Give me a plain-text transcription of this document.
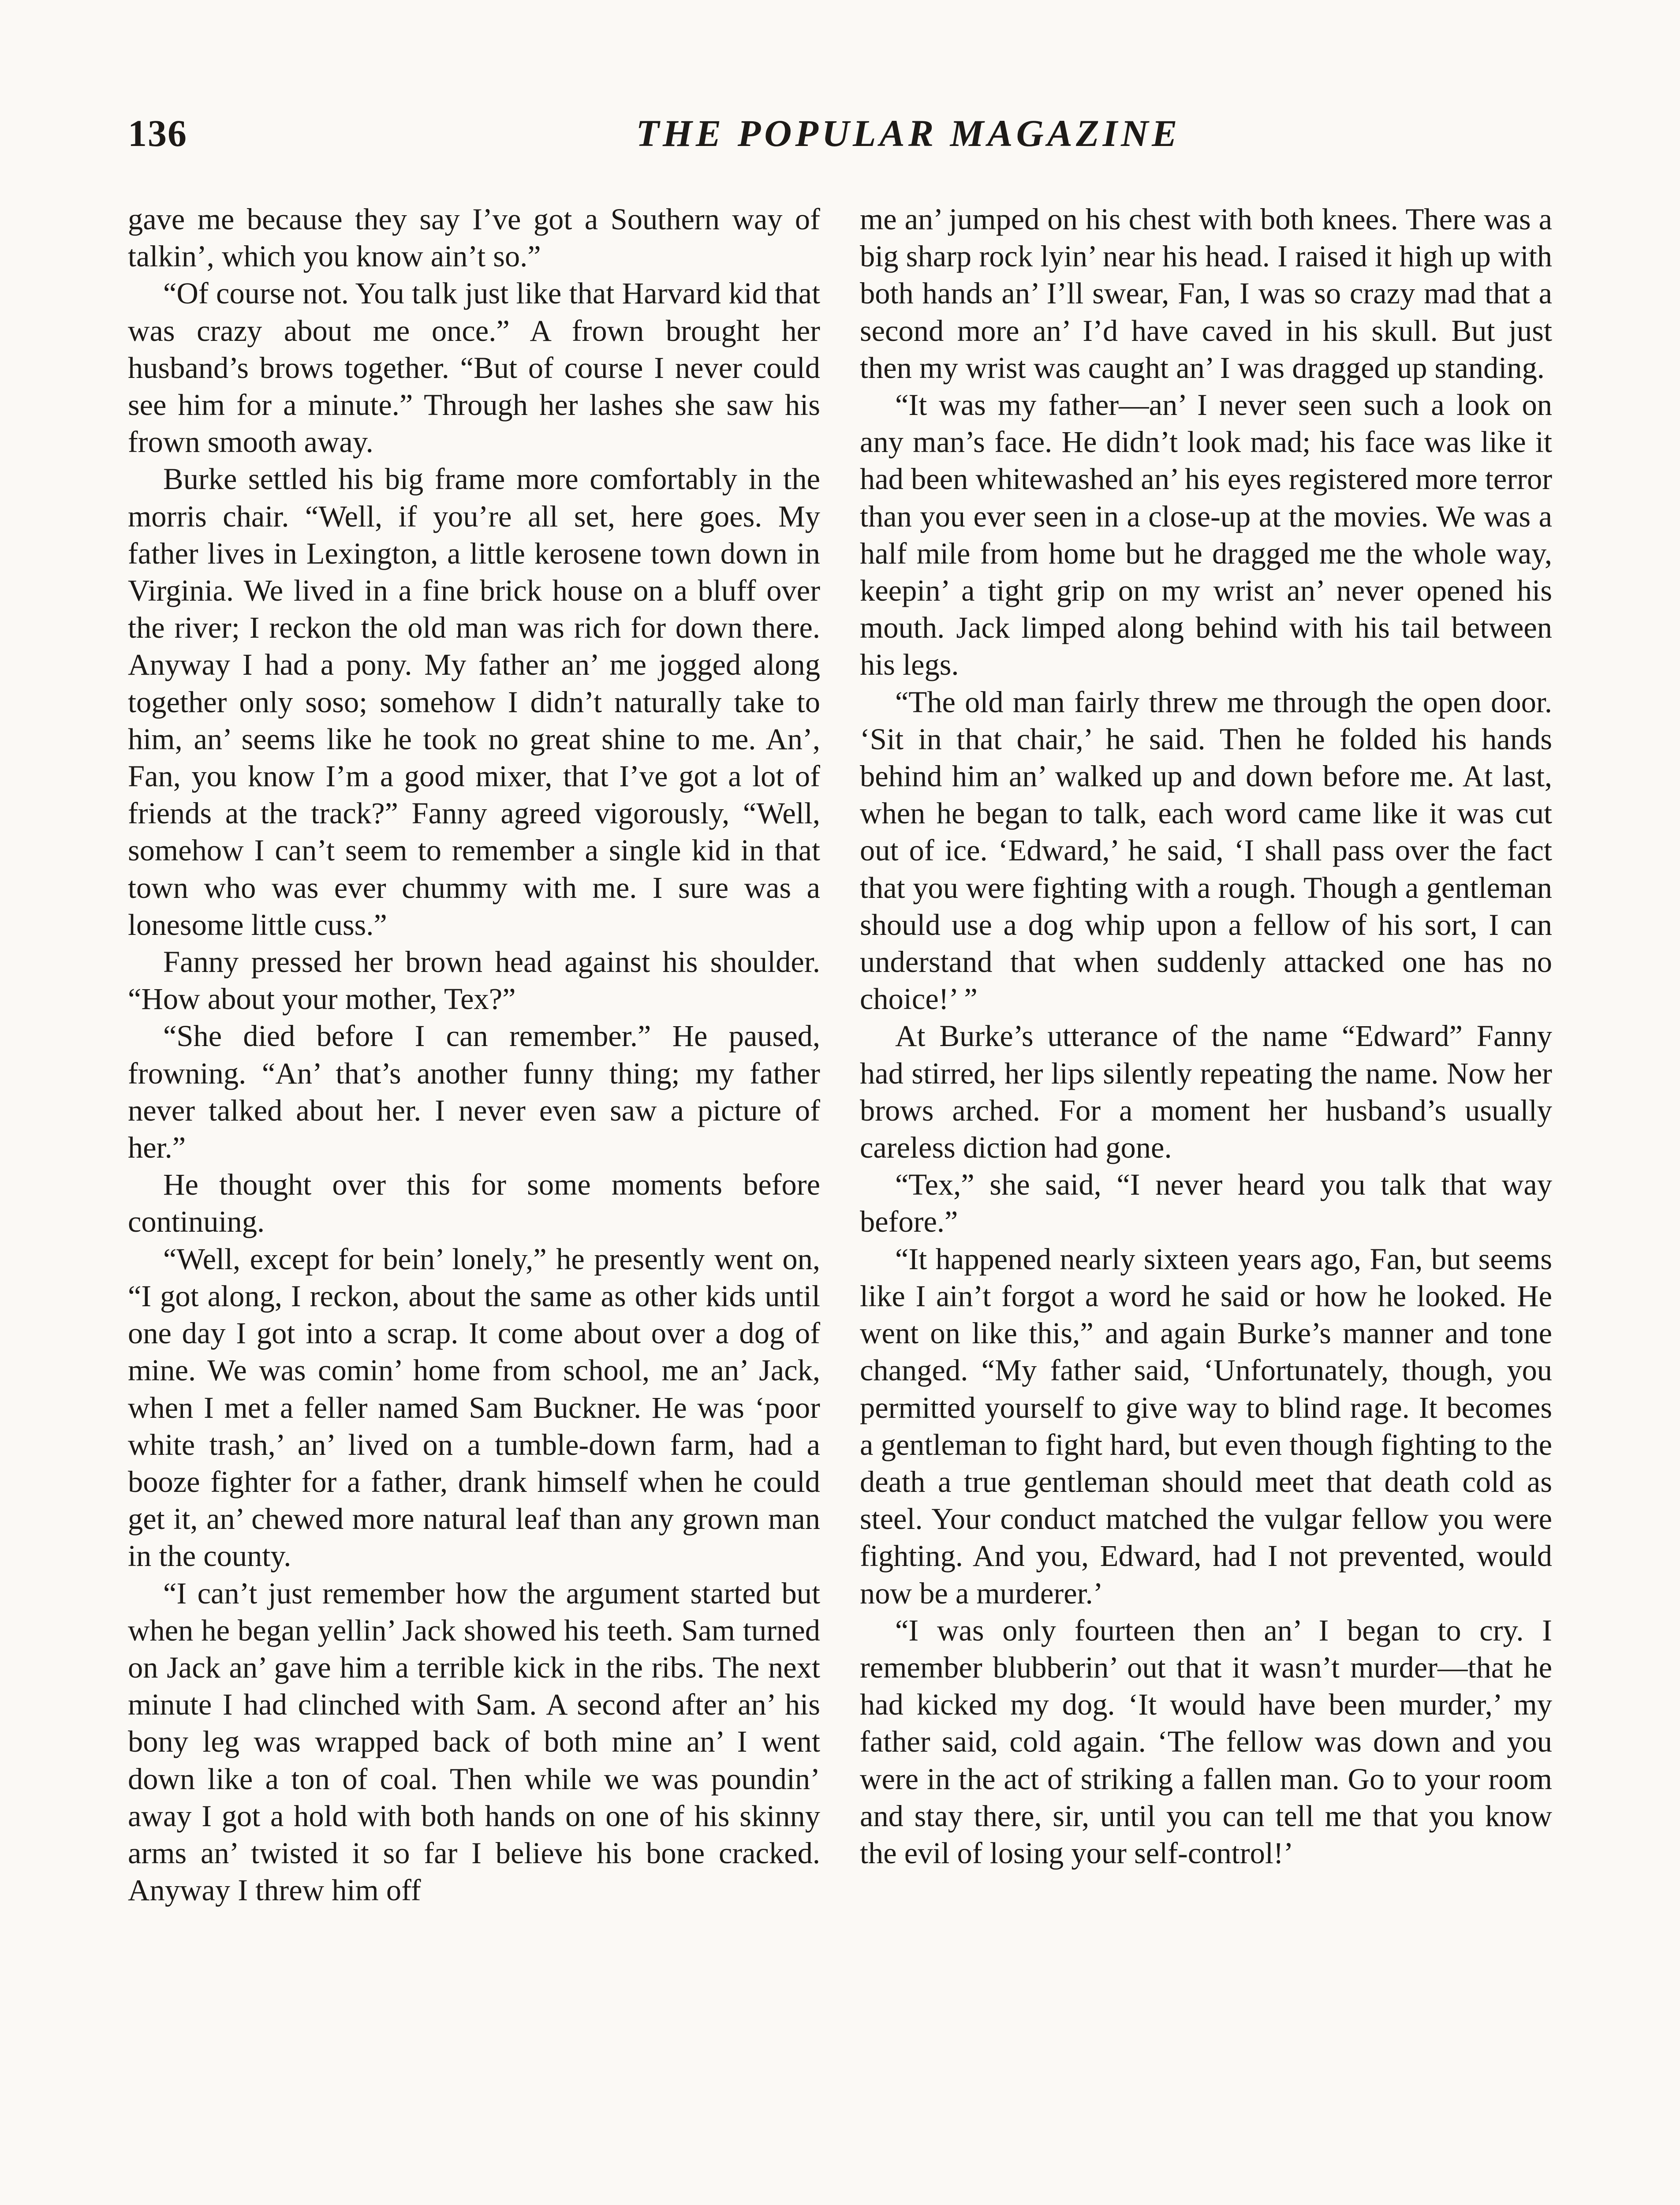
136	THE POPULAR MAGAZINE

gave me because they say I’ve got a Southern way of talkin’, which you know ain’t so.”

“Of course not. You talk just like that Harvard kid that was crazy about me once.” A frown brought her husband’s brows together. “But of course I never could see him for a minute.” Through her lashes she saw his frown smooth away.

Burke settled his big frame more comfortably in the morris chair. “Well, if you’re all set, here goes. My father lives in Lexington, a little kerosene town down in Virginia. We lived in a fine brick house on a bluff over the river; I reckon the old man was rich for down there. Anyway I had a pony. My father an’ me jogged along together only soso; somehow I didn’t naturally take to him, an’ seems like he took no great shine to me. An’, Fan, you know I’m a good mixer, that I’ve got a lot of friends at the track?” Fanny agreed vigorously, “Well, somehow I can’t seem to remember a single kid in that town who was ever chummy with me. I sure was a lonesome little cuss.”

Fanny pressed her brown head against his shoulder. “How about your mother, Tex?”

“She died before I can remember.” He paused, frowning. “An’ that’s another funny thing; my father never talked about her. I never even saw a picture of her.”

He thought over this for some moments before continuing.

“Well, except for bein’ lonely,” he presently went on, “I got along, I reckon, about the same as other kids until one day I got into a scrap. It come about over a dog of mine. We was comin’ home from school, me an’ Jack, when I met a feller named Sam Buckner. He was ‘poor white trash,’ an’ lived on a tumble-down farm, had a booze fighter for a father, drank himself when he could get it, an’ chewed more natural leaf than any grown man in the county.

“I can’t just remember how the argument started but when he began yellin’ Jack showed his teeth. Sam turned on Jack an’ gave him a terrible kick in the ribs. The next minute I had clinched with Sam. A second after an’ his bony leg was wrapped back of both mine an’ I went down like a ton of coal. Then while we was poundin’ away I got a hold with both hands on one of his skinny arms an’ twisted it so far I believe his bone cracked. Anyway I threw him off

me an’ jumped on his chest with both knees. There was a big sharp rock lyin’ near his head. I raised it high up with both hands an’ I’ll swear, Fan, I was so crazy mad that a second more an’ I’d have caved in his skull. But just then my wrist was caught an’ I was dragged up standing.

“It was my father—an’ I never seen such a look on any man’s face. He didn’t look mad; his face was like it had been whitewashed an’ his eyes registered more terror than you ever seen in a close-up at the movies. We was a half mile from home but he dragged me the whole way, keepin’ a tight grip on my wrist an’ never opened his mouth. Jack limped along behind with his tail between his legs.

“The old man fairly threw me through the open door. ‘Sit in that chair,’ he said. Then he folded his hands behind him an’ walked up and down before me. At last, when he began to talk, each word came like it was cut out of ice. ‘Edward,’ he said, ‘I shall pass over the fact that you were fighting with a rough. Though a gentleman should use a dog whip upon a fellow of his sort, I can understand that when suddenly attacked one has no choice!’ ”

At Burke’s utterance of the name “Edward” Fanny had stirred, her lips silently repeating the name. Now her brows arched. For a moment her husband’s usually careless diction had gone.

“Tex,” she said, “I never heard you talk that way before.”

“It happened nearly sixteen years ago, Fan, but seems like I ain’t forgot a word he said or how he looked. He went on like this,” and again Burke’s manner and tone changed. “My father said, ‘Unfortunately, though, you permitted yourself to give way to blind rage. It becomes a gentleman to fight hard, but even though fighting to the death a true gentleman should meet that death cold as steel. Your conduct matched the vulgar fellow you were fighting. And you, Edward, had I not prevented, would now be a murderer.’

“I was only fourteen then an’ I began to cry. I remember blubberin’ out that it wasn’t murder—that he had kicked my dog. ‘It would have been murder,’ my father said, cold again. ‘The fellow was down and you were in the act of striking a fallen man. Go to your room and stay there, sir, until you can tell me that you know the evil of losing your self-control!’
